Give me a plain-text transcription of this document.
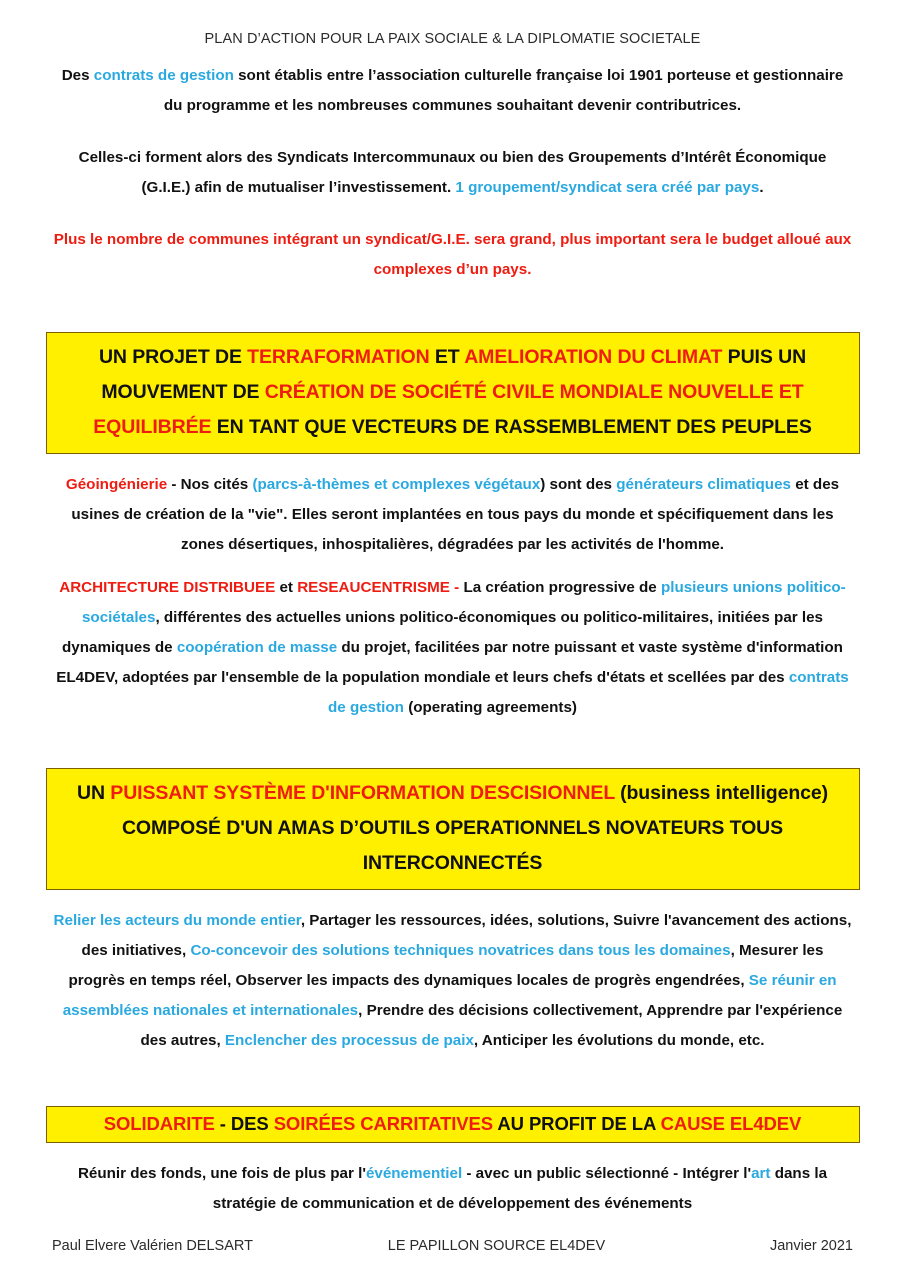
PLAN D’ACTION POUR LA PAIX SOCIALE & LA DIPLOMATIE SOCIETALE

Des contrats de gestion sont établis entre l’association culturelle française loi 1901 porteuse et gestionnaire du programme et les nombreuses communes souhaitant devenir contributrices.

Celles-ci forment alors des Syndicats Intercommunaux ou bien des Groupements d’Intérêt Économique (G.I.E.) afin de mutualiser l’investissement. 1 groupement/syndicat sera créé par pays.

Plus le nombre de communes intégrant un syndicat/G.I.E. sera grand, plus important sera le budget alloué aux complexes d’un pays.

UN PROJET DE TERRAFORMATION ET AMELIORATION DU CLIMAT PUIS UN MOUVEMENT DE CRÉATION DE SOCIÉTÉ CIVILE MONDIALE NOUVELLE ET EQUILIBRÉE EN TANT QUE VECTEURS DE RASSEMBLEMENT DES PEUPLES

Géoingénierie - Nos cités (parcs-à-thèmes et complexes végétaux) sont des générateurs climatiques et des usines de création de la "vie". Elles seront implantées en tous pays du monde et spécifiquement dans les zones désertiques, inhospitalières, dégradées par les activités de l'homme.

ARCHITECTURE DISTRIBUEE et RESEAUCENTRISME - La création progressive de plusieurs unions politico-sociétales, différentes des actuelles unions politico-économiques ou politico-militaires, initiées par les dynamiques de coopération de masse du projet, facilitées par notre puissant et vaste système d'information EL4DEV, adoptées par l'ensemble de la population mondiale et leurs chefs d'états et scellées par des contrats de gestion (operating agreements)

UN PUISSANT SYSTÈME D'INFORMATION DESCISIONNEL (business intelligence) COMPOSÉ D'UN AMAS D’OUTILS OPERATIONNELS NOVATEURS TOUS INTERCONNECTÉS

Relier les acteurs du monde entier, Partager les ressources, idées, solutions, Suivre l'avancement des actions, des initiatives, Co-concevoir des solutions techniques novatrices dans tous les domaines, Mesurer les progrès en temps réel, Observer les impacts des dynamiques locales de progrès engendrées, Se réunir en assemblées nationales et internationales, Prendre des décisions collectivement, Apprendre par l'expérience des autres, Enclencher des processus de paix, Anticiper les évolutions du monde, etc.

SOLIDARITE - DES SOIRÉES CARRITATIVES AU PROFIT DE LA CAUSE EL4DEV

Réunir des fonds, une fois de plus par l'événementiel - avec un public sélectionné - Intégrer l'art dans la stratégie de communication et de développement des événements

Paul Elvere Valérien DELSART	LE PAPILLON SOURCE EL4DEV	Janvier 2021
